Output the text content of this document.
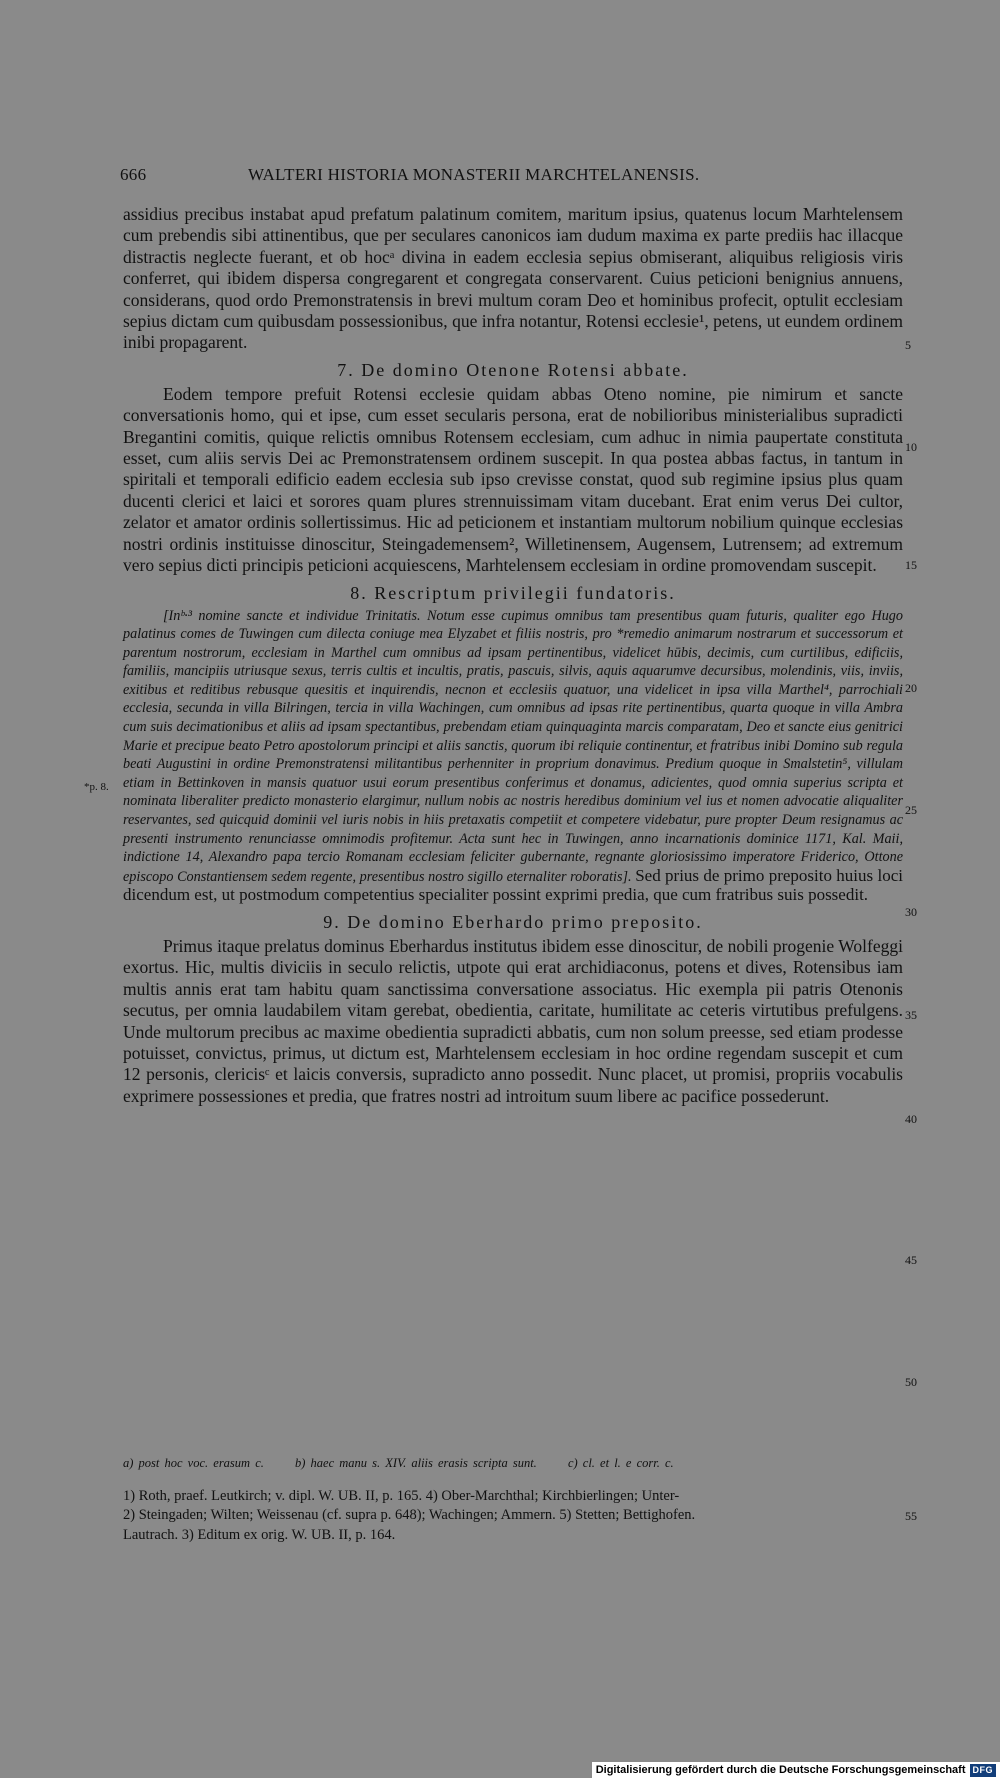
666	WALTERI HISTORIA MONASTERII MARCHTELANENSIS.

assidius precibus instabat apud prefatum palatinum comitem, maritum ipsius, quatenus locum Marhtelensem cum prebendis sibi attinentibus, que per seculares canonicos iam dudum maxima ex parte prediis hac illacque distractis neglecte fuerant, et ob hocᵃ divina in eadem ecclesia sepius obmiserant, aliquibus religiosis viris conferret, qui ibidem dispersa congregarent et congregata conservarent. Cuius peticioni benignius annuens, considerans, quod ordo Premonstratensis in brevi multum coram Deo et hominibus profecit, optulit ecclesiam sepius dictam cum quibusdam possessionibus, que infra notantur, Rotensi ecclesie¹, petens, ut eundem ordinem inibi propagarent.

7. De domino Otenone Rotensi abbate.

Eodem tempore prefuit Rotensi ecclesie quidam abbas Oteno nomine, pie nimirum et sancte conversationis homo, qui et ipse, cum esset secularis persona, erat de nobilioribus ministerialibus supradicti Bregantini comitis, quique relictis omnibus Rotensem ecclesiam, cum adhuc in nimia paupertate constituta esset, cum aliis servis Dei ac Premonstratensem ordinem suscepit. In qua postea abbas factus, in tantum in spiritali et temporali edificio eadem ecclesia sub ipso crevisse constat, quod sub regimine ipsius plus quam ducenti clerici et laici et sorores quam plures strennuissimam vitam ducebant. Erat enim verus Dei cultor, zelator et amator ordinis sollertissimus. Hic ad peticionem et instantiam multorum nobilium quinque ecclesias nostri ordinis instituisse dinoscitur, Steingademensem², Willetinensem, Augensem, Lutrensem; ad extremum vero sepius dicti principis peticioni acquiescens, Marhtelensem ecclesiam in ordine promovendam suscepit.

8. Rescriptum privilegii fundatoris.

[Inᵇ·³ nomine sancte et individue Trinitatis. Notum esse cupimus omnibus tam presentibus quam futuris, qualiter ego Hugo palatinus comes de Tuwingen cum dilecta coniuge mea Elyzabet et filiis nostris, pro *remedio animarum nostrarum et successorum et parentum nostrorum, ecclesiam in Marthel cum omnibus ad ipsam pertinentibus, videlicet hūbis, decimis, cum curtilibus, edificiis, familiis, mancipiis utriusque sexus, terris cultis et incultis, pratis, pascuis, silvis, aquis aquarumve decursibus, molendinis, viis, inviis, exitibus et reditibus rebusque quesitis et inquirendis, necnon et ecclesiis quatuor, una videlicet in ipsa villa Marthel⁴, parrochiali ecclesia, secunda in villa Bilringen, tercia in villa Wachingen, cum omnibus ad ipsas rite pertinentibus, quarta quoque in villa Ambra cum suis decimationibus et aliis ad ipsam spectantibus, prebendam etiam quinquaginta marcis comparatam, Deo et sancte eius genitrici Marie et precipue beato Petro apostolorum principi et aliis sanctis, quorum ibi reliquie continentur, et fratribus inibi Domino sub regula beati Augustini in ordine Premonstratensi militantibus perhenniter in proprium donavimus. Predium quoque in Smalstetin⁵, villulam etiam in Bettinkoven in mansis quatuor usui eorum presentibus conferimus et donamus, adicientes, quod omnia superius scripta et nominata liberaliter predicto monasterio elargimur, nullum nobis ac nostris heredibus dominium vel ius et nomen advocatie aliqualiter reservantes, sed quicquid dominii vel iuris nobis in hiis pretaxatis competiit et competere videbatur, pure propter Deum resignamus ac presenti instrumento renunciasse omnimodis profitemur. Acta sunt hec in Tuwingen, anno incarnationis dominice 1171, Kal. Maii, indictione 14, Alexandro papa tercio Romanam ecclesiam feliciter gubernante, regnante gloriosissimo imperatore Friderico, Ottone episcopo Constantiensem sedem regente, presentibus nostro sigillo eternaliter roboratis]. Sed prius de primo preposito huius loci dicendum est, ut postmodum competentius specialiter possint exprimi predia, que cum fratribus suis possedit.

9. De domino Eberhardo primo preposito.

Primus itaque prelatus dominus Eberhardus institutus ibidem esse dinoscitur, de nobili progenie Wolfeggi exortus. Hic, multis diviciis in seculo relictis, utpote qui erat archidiaconus, potens et dives, Rotensibus iam multis annis erat tam habitu quam sanctissima conversatione associatus. Hic exempla pii patris Otenonis secutus, per omnia laudabilem vitam gerebat, obedientia, caritate, humilitate ac ceteris virtutibus prefulgens. Unde multorum precibus ac maxime obedientia supradicti abbatis, cum non solum preesse, sed etiam prodesse potuisset, convictus, primus, ut dictum est, Marhtelensem ecclesiam in hoc ordine regendam suscepit et cum 12 personis, clericisᶜ et laicis conversis, supradicto anno possedit. Nunc placet, ut promisi, propriis vocabulis exprimere possessiones et predia, que fratres nostri ad introitum suum libere ac pacifice possederunt.

5
10
15
20
25
30
35
40
45
50
55
*p. 8.
a) post hoc voc. erasum c. b) haec manu s. XIV. aliis erasis scripta sunt. c) cl. et l. e corr. c.
1) Roth, praef. Leutkirch; v. dipl. W. UB. II, p. 165. 4) Ober-Marchthal; Kirchbierlingen; Unter-
2) Steingaden; Wilten; Weissenau (cf. supra p. 648); Wachingen; Ammern. 5) Stetten; Bettighofen.
Lautrach. 3) Editum ex orig. W. UB. II, p. 164.
Digitalisierung gefördert durch die Deutsche Forschungsgemeinschaft DFG
